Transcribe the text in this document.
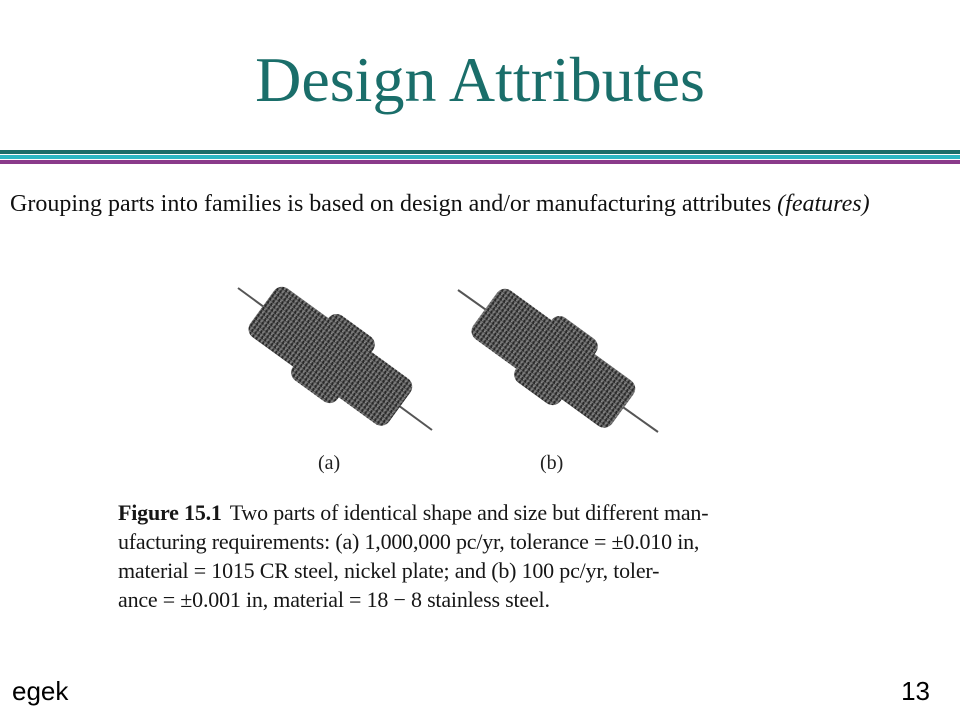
Design Attributes
Grouping parts into families is based on design and/or manufacturing attributes (features)
(a)	(b)
Figure 15.1 Two parts of identical shape and size but different man-
ufacturing requirements: (a) 1,000,000 pc/yr, tolerance = ±0.010 in,
material = 1015 CR steel, nickel plate; and (b) 100 pc/yr, toler-
ance = ±0.001 in, material = 18 − 8 stainless steel.
egek	13
